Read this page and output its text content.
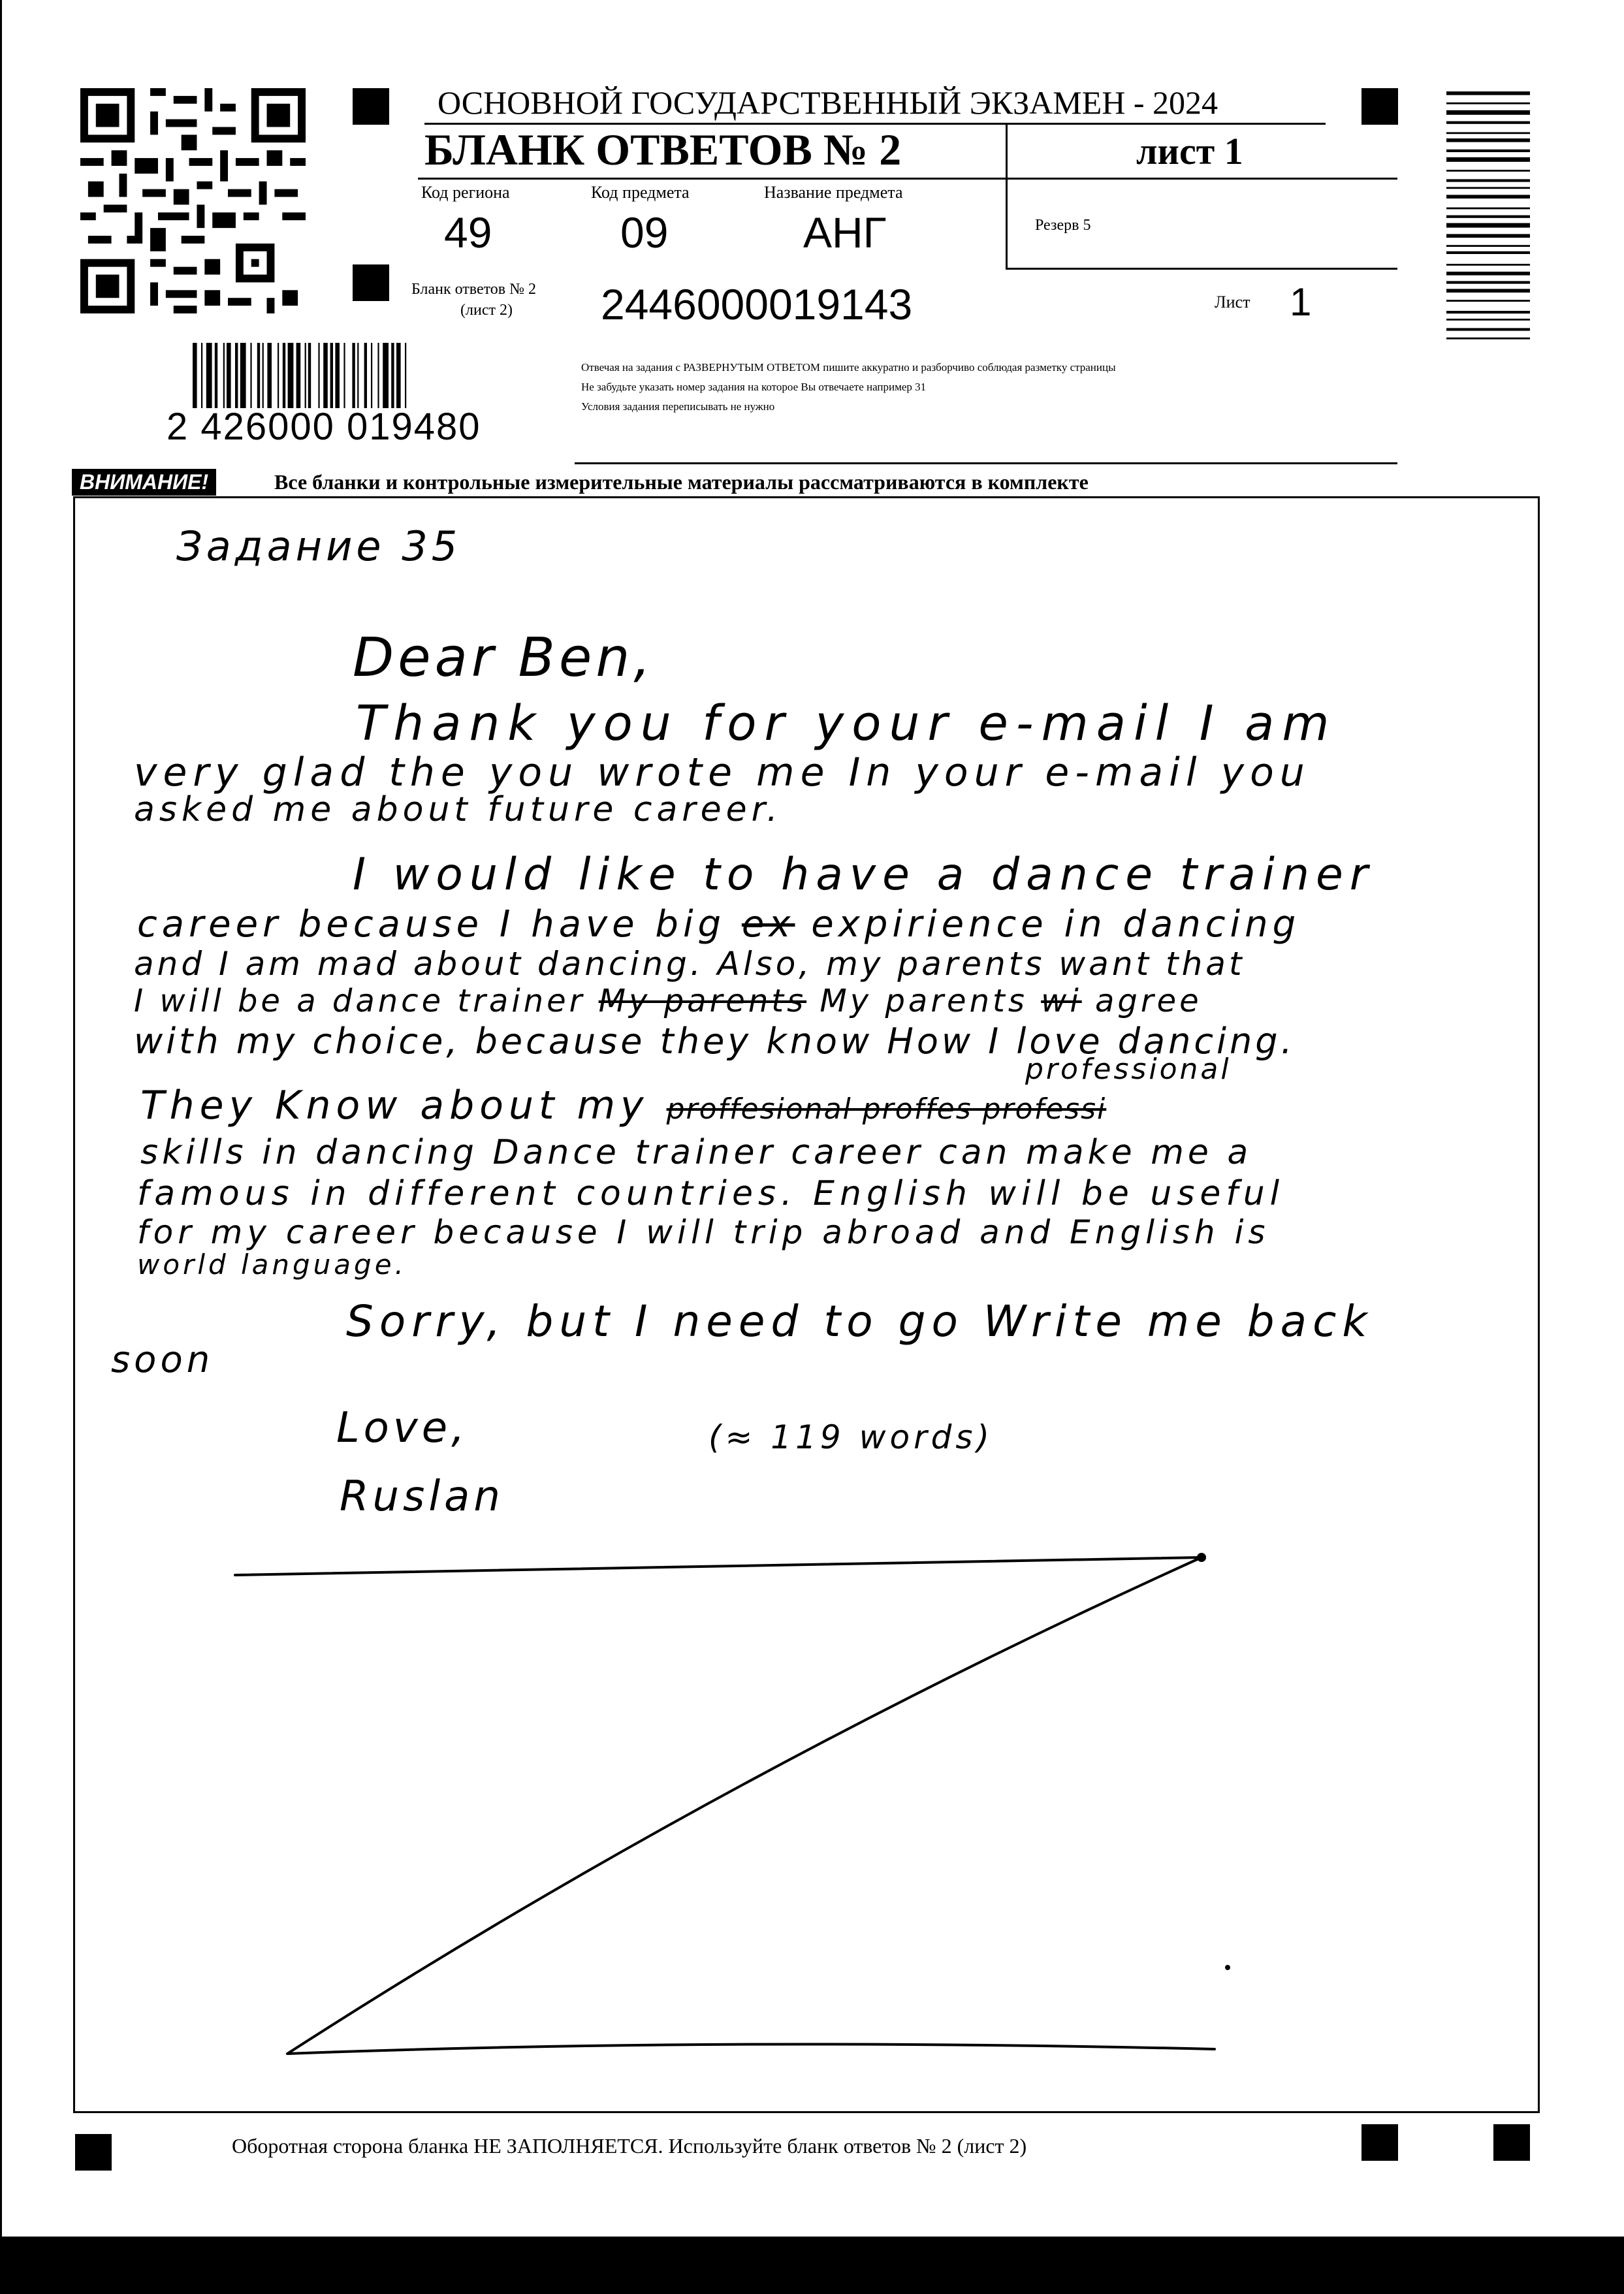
ОСНОВНОЙ ГОСУДАРСТВЕННЫЙ ЭКЗАМЕН - 2024
БЛАНК ОТВЕТОВ № 2	лист 1
Код региона
49
Код предмета
09
Название предмета
АНГ	Резерв 5
Бланк ответов № 2
(лист 2) 2446000019143	Лист 1
2 426000 019480
Отвечая на задания с РАЗВЕРНУТЫМ ОТВЕТОМ пишите аккуратно и разборчиво соблюдая разметку страницы
Не забудьте указать номер задания на которое Вы отвечаете например 31
Условия задания переписывать не нужно
ВНИМАНИЕ!	Все бланки и контрольные измерительные материалы рассматриваются в комплекте
Задание 35
Dear Ben,
Thank you for your e-mail I am
very glad the you wrote me In your e-mail you
asked me about future career.
I would like to have a dance trainer
career because I have big ex expirience in dancing
and I am mad about dancing. Also, my parents want that
I will be a dance trainer My parents My parents wi agree
with my choice, because they know How I love dancing.
professional
They Know about my proffesional proffes professi
skills in dancing Dance trainer career can make me a
famous in different countries. English will be useful
for my career because I will trip abroad and English is
world language.
Sorry, but I need to go Write me back
soon
Love,	(≈ 119 words)
Ruslan
Оборотная сторона бланка НЕ ЗАПОЛНЯЕТСЯ. Используйте бланк ответов № 2 (лист 2)
